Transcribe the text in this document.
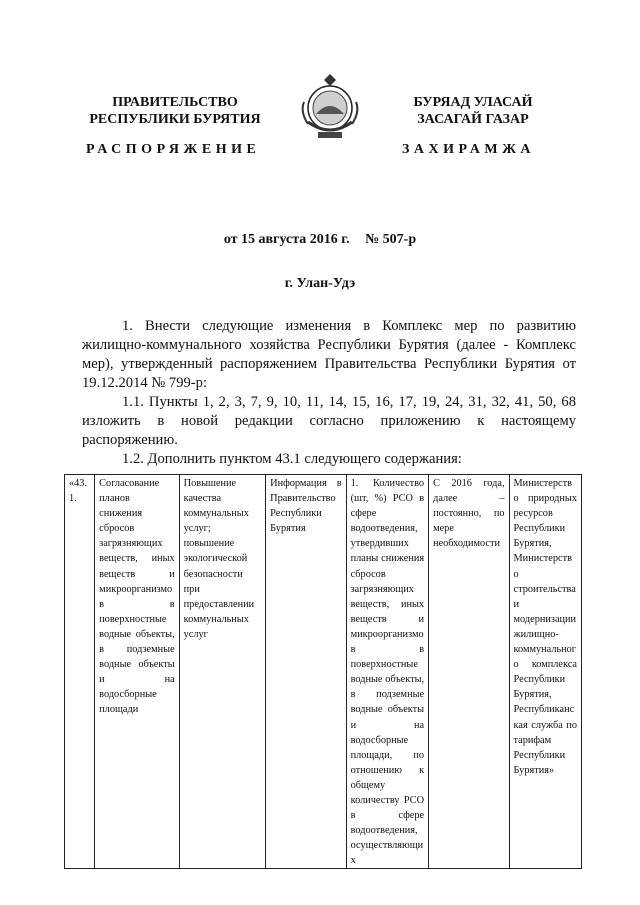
ПРАВИТЕЛЬСТВО
РЕСПУБЛИКИ БУРЯТИЯ
БУРЯАД УЛАСАЙ
ЗАСАГАЙ ГАЗАР
РАСПОРЯЖЕНИЕ	ЗАХИРАМЖА
от 15 августа 2016 г. № 507-р
г. Улан-Удэ

1. Внести следующие изменения в Комплекс мер по развитию жилищно-коммунального хозяйства Республики Бурятия (далее - Комплекс мер), утвержденный распоряжением Правительства Республики Бурятия от 19.12.2014 № 799-р:

1.1. Пункты 1, 2, 3, 7, 9, 10, 11, 14, 15, 16, 17, 19, 24, 31, 32, 41, 50, 68 изложить в новой редакции согласно приложению к настоящему распоряжению.

1.2. Дополнить пунктом 43.1 следующего содержания:

«43.1.	Согласование планов снижения сбросов загрязняющих веществ, иных веществ и микроорганизмов в поверхностные водные объекты, в подземные водные объекты и на водосборные площади	Повышение качества коммунальных услуг; повышение экологической безопасности при предоставлении коммунальных услуг	Информация в Правительство Республики Бурятия	1. Количество (шт, %) РСО в сфере водоотведения, утвердивших планы снижения сбросов загрязняющих веществ, иных веществ и микроорганизмов в поверхностные водные объекты, в подземные водные объекты и на водосборные площади, по отношению к общему количеству РСО в сфере водоотведения, осуществляющих	С 2016 года, далее – постоянно, по мере необходимости	Министерство природных ресурсов Республики Бурятия, Министерство строительства и модернизации жилищно-коммунального комплекса Республики Бурятия, Республиканская служба по тарифам Республики Бурятия»
